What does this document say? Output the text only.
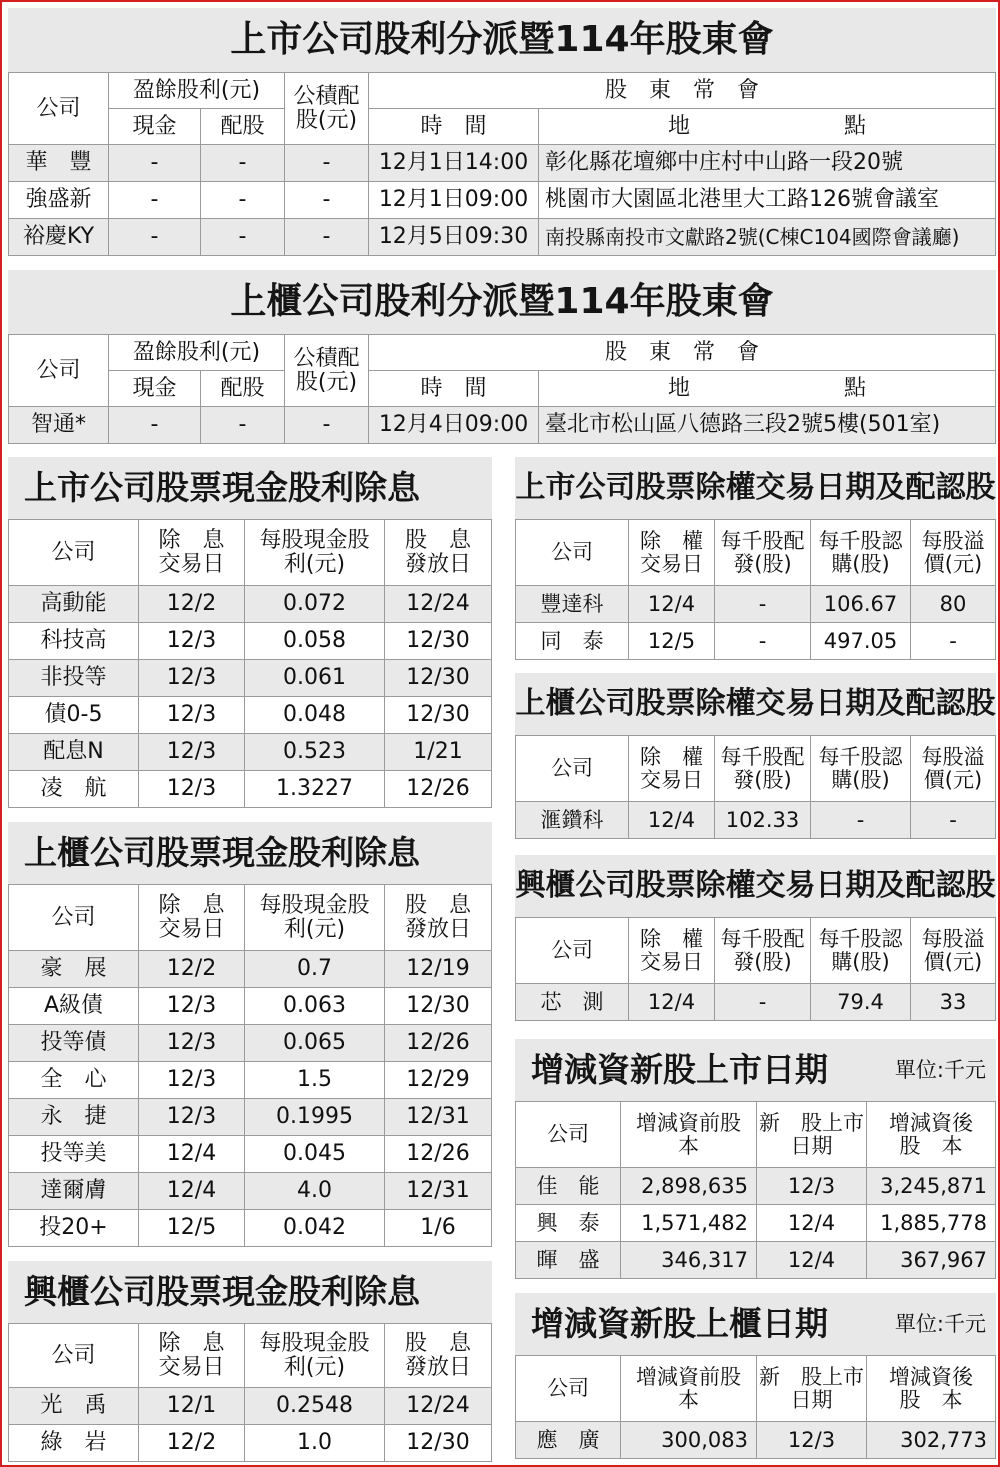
上市公司股利分派暨114年股東會
公司	盈餘股利(元)		公積配股(元)	股　東　常　會	
	現金	配股		時　間	地　　　　　　　點
華　豐	-	-	-	12月1日14:00	彰化縣花壇鄉中庄村中山路一段20號
強盛新	-	-	-	12月1日09:00	桃園市大園區北港里大工路126號會議室
裕慶KY	-	-	-	12月5日09:30	南投縣南投市文獻路2號(C棟C104國際會議廳)
上櫃公司股利分派暨114年股東會
公司	盈餘股利(元)		公積配股(元)	股　東　常　會	
	現金	配股		時　間	地　　　　　　　點
智通*	-	-	-	12月4日09:00	臺北市松山區八德路三段2號5樓(501室)
上市公司股票現金股利除息
公司	除　息交易日	每股現金股利(元)	股　息發放日
高動能	12/2	0.072	12/24
科技高	12/3	0.058	12/30
非投等	12/3	0.061	12/30
債0-5	12/3	0.048	12/30
配息N	12/3	0.523	1/21
凌　航	12/3	1.3227	12/26
上櫃公司股票現金股利除息
公司	除　息交易日	每股現金股利(元)	股　息發放日
豪　展	12/2	0.7	12/19
A級債	12/3	0.063	12/30
投等債	12/3	0.065	12/26
全　心	12/3	1.5	12/29
永　捷	12/3	0.1995	12/31
投等美	12/4	0.045	12/26
達爾膚	12/4	4.0	12/31
投20+	12/5	0.042	1/6
興櫃公司股票現金股利除息
公司	除　息交易日	每股現金股利(元)	股　息發放日
光　禹	12/1	0.2548	12/24
綠　岩	12/2	1.0	12/30
上市公司股票除權交易日期及配認股
公司	除　權交易日	每千股配發(股)	每千股認購(股)	每股溢價(元)
豐達科	12/4	-	106.67	80
同　泰	12/5	-	497.05	-
上櫃公司股票除權交易日期及配認股
公司	除　權交易日	每千股配發(股)	每千股認購(股)	每股溢價(元)
滙鑽科	12/4	102.33	-	-
興櫃公司股票除權交易日期及配認股
公司	除　權交易日	每千股配發(股)	每千股認購(股)	每股溢價(元)
芯　測	12/4	-	79.4	33
增減資新股上市日期	單位:千元
公司	增減資前股　本	新　股上市日期	增減資後股　本
佳　能	2,898,635	12/3	3,245,871
興　泰	1,571,482	12/4	1,885,778
暉　盛	346,317	12/4	367,967
增減資新股上櫃日期	單位:千元
公司	增減資前股　本	新　股上市日期	增減資後股　本
應　廣	300,083	12/3	302,773
